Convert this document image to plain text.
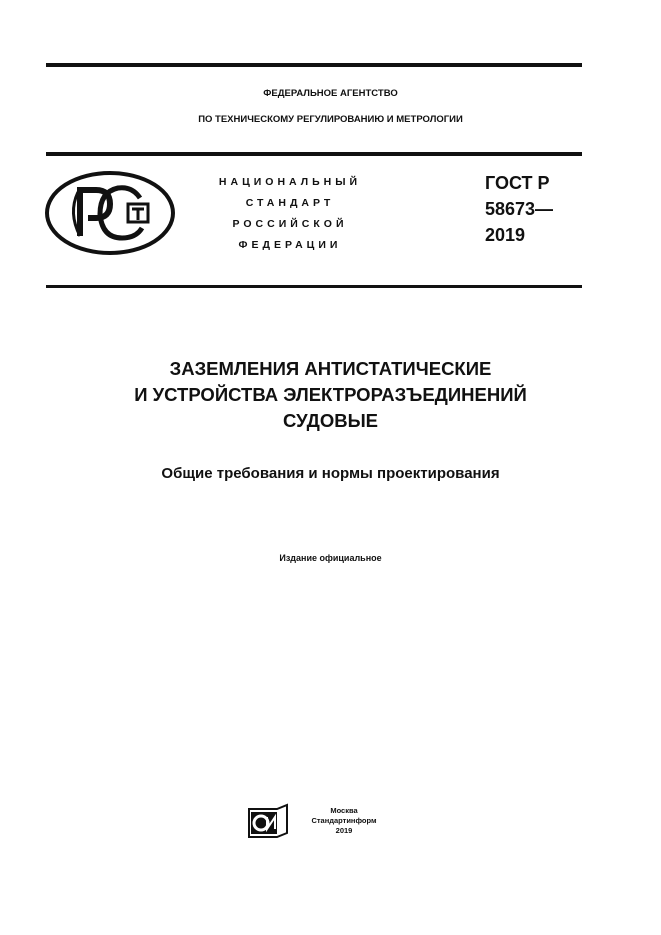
ФЕДЕРАЛЬНОЕ АГЕНТСТВО
ПО ТЕХНИЧЕСКОМУ РЕГУЛИРОВАНИЮ И МЕТРОЛОГИИ
НАЦИОНАЛЬНЫЙ
СТАНДАРТ
РОССИЙСКОЙ
ФЕДЕРАЦИИ
ГОСТ Р
58673—
2019
ЗАЗЕМЛЕНИЯ АНТИСТАТИЧЕСКИЕ
И УСТРОЙСТВА ЭЛЕКТРОРАЗЪЕДИНЕНИЙ
СУДОВЫЕ
Общие требования и нормы проектирования
Издание официальное
Москва
Стандартинформ
2019
